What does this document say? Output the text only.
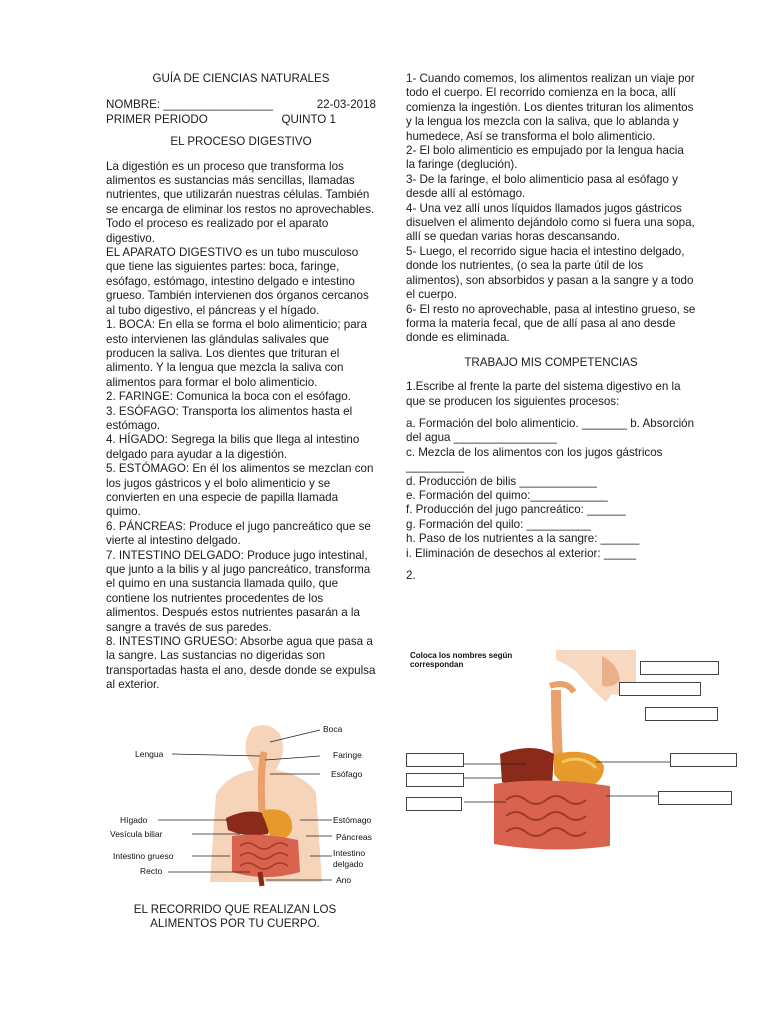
GUÍA DE CIENCIAS NATURALES

NOMBRE: _________________	22-03-2018
PRIMER PERIODO	QUINTO 1

EL PROCESO DIGESTIVO

La digestión es un proceso que transforma los alimentos es sustancias más sencillas, llamadas nutrientes, que utilizarán nuestras células. También se encarga de eliminar los restos no aprovechables. Todo el proceso es realizado por el aparato digestivo.

EL APARATO DIGESTIVO es un tubo musculoso que tiene las siguientes partes: boca, faringe, esófago, estómago, intestino delgado e intestino grueso. También intervienen dos órganos cercanos al tubo digestivo, el páncreas y el hígado.

1. BOCA: En ella se forma el bolo alimenticio; para esto intervienen las glándulas salivales que producen la saliva. Los dientes que trituran el alimento. Y la lengua que mezcla la saliva con alimentos para formar el bolo alimenticio.

2. FARINGE: Comunica la boca con el esófago.

3. ESÓFAGO: Transporta los alimentos hasta el estómago.

4. HÍGADO: Segrega la bilis que llega al intestino delgado para ayudar a la digestión.

5. ESTÓMAGO: En él los alimentos se mezclan con los jugos gástricos y el bolo alimenticio y se convierten en una especie de papilla llamada quimo.

6. PÁNCREAS: Produce el jugo pancreático que se vierte al intestino delgado.

7. INTESTINO DELGADO: Produce jugo intestinal, que junto a la bilis y al jugo pancreático, transforma el quimo en una sustancia llamada quilo, que contiene los nutrientes procedentes de los alimentos. Después estos nutrientes pasarán a la sangre a través de sus paredes.

8. INTESTINO GRUESO: Absorbe agua que pasa a la sangre. Las sustancias no digeridas son transportadas hasta el ano, desde donde se expulsa al exterior.

Boca
Lengua	Faringe
Esófago
Hígado	Estómago
Vesícula biliar	Páncreas
Intestino grueso	Intestino
delgado
Recto
Ano

EL RECORRIDO QUE REALIZAN LOS

ALIMENTOS POR TU CUERPO.

1- Cuando comemos, los alimentos realizan un viaje por todo el cuerpo. El recorrido comienza en la boca, allí comienza la ingestión. Los dientes trituran los alimentos y la lengua los mezcla con la saliva, que lo ablanda y humedece, Así se transforma el bolo alimenticio.

2- El bolo alimenticio es empujado por la lengua hacia la faringe (deglución).

3- De la faringe, el bolo alimenticio pasa al esófago y desde allí al estómago.

4- Una vez allí unos líquidos llamados jugos gástricos disuelven el alimento dejándolo como si fuera una sopa, allí se quedan varias horas descansando.

5- Luego, el recorrido sigue hacia el intestino delgado, donde los nutrientes, (o sea la parte útil de los alimentos), son absorbidos y pasan a la sangre y a todo el cuerpo.

6- El resto no aprovechable, pasa al intestino grueso, se forma la materia fecal, que de allí pasa al ano desde donde es eliminada.

TRABAJO MIS COMPETENCIAS

1.Escribe al frente la parte del sistema digestivo en la que se producen los siguientes procesos:

a. Formación del bolo alimenticio. _______ b. Absorción del agua ________________

c. Mezcla de los alimentos con los jugos gástricos _________

d. Producción de bilis ____________

e. Formación del quimo:____________

f. Producción del jugo pancreático: ______

g. Formación del quilo: __________

h. Paso de los nutrientes a la sangre: ______

i. Eliminación de desechos al exterior: _____

2.

Coloca los nombres según correspondan
